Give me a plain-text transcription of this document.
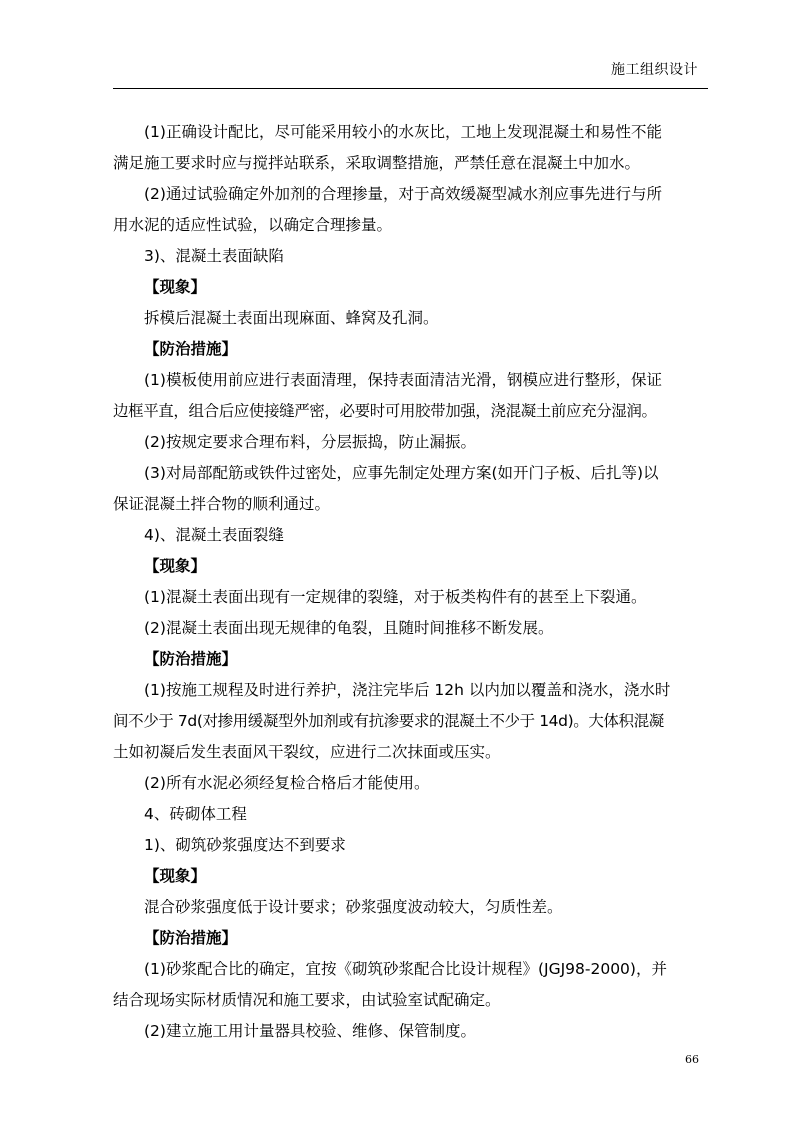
施工组织设计
(1)正确设计配比，尽可能采用较小的水灰比，工地上发现混凝土和易性不能
满足施工要求时应与搅拌站联系，采取调整措施，严禁任意在混凝土中加水。
(2)通过试验确定外加剂的合理掺量，对于高效缓凝型减水剂应事先进行与所
用水泥的适应性试验，以确定合理掺量。
3)、混凝土表面缺陷
【现象】
拆模后混凝土表面出现麻面、蜂窝及孔洞。
【防治措施】
(1)模板使用前应进行表面清理，保持表面清洁光滑，钢模应进行整形，保证
边框平直，组合后应使接缝严密，必要时可用胶带加强，浇混凝土前应充分湿润。
(2)按规定要求合理布料，分层振捣，防止漏振。
(3)对局部配筋或铁件过密处，应事先制定处理方案(如开门子板、后扎等)以
保证混凝土拌合物的顺利通过。
4)、混凝土表面裂缝
【现象】
(1)混凝土表面出现有一定规律的裂缝，对于板类构件有的甚至上下裂通。
(2)混凝土表面出现无规律的龟裂，且随时间推移不断发展。
【防治措施】
(1)按施工规程及时进行养护，浇注完毕后 12h 以内加以覆盖和浇水，浇水时
间不少于 7d(对掺用缓凝型外加剂或有抗渗要求的混凝土不少于 14d)。大体积混凝
土如初凝后发生表面风干裂纹，应进行二次抹面或压实。
(2)所有水泥必须经复检合格后才能使用。
4、砖砌体工程
1)、砌筑砂浆强度达不到要求
【现象】
混合砂浆强度低于设计要求；砂浆强度波动较大，匀质性差。
【防治措施】
(1)砂浆配合比的确定，宜按《砌筑砂浆配合比设计规程》(JGJ98-2000)，并
结合现场实际材质情况和施工要求，由试验室试配确定。
(2)建立施工用计量器具校验、维修、保管制度。
66
